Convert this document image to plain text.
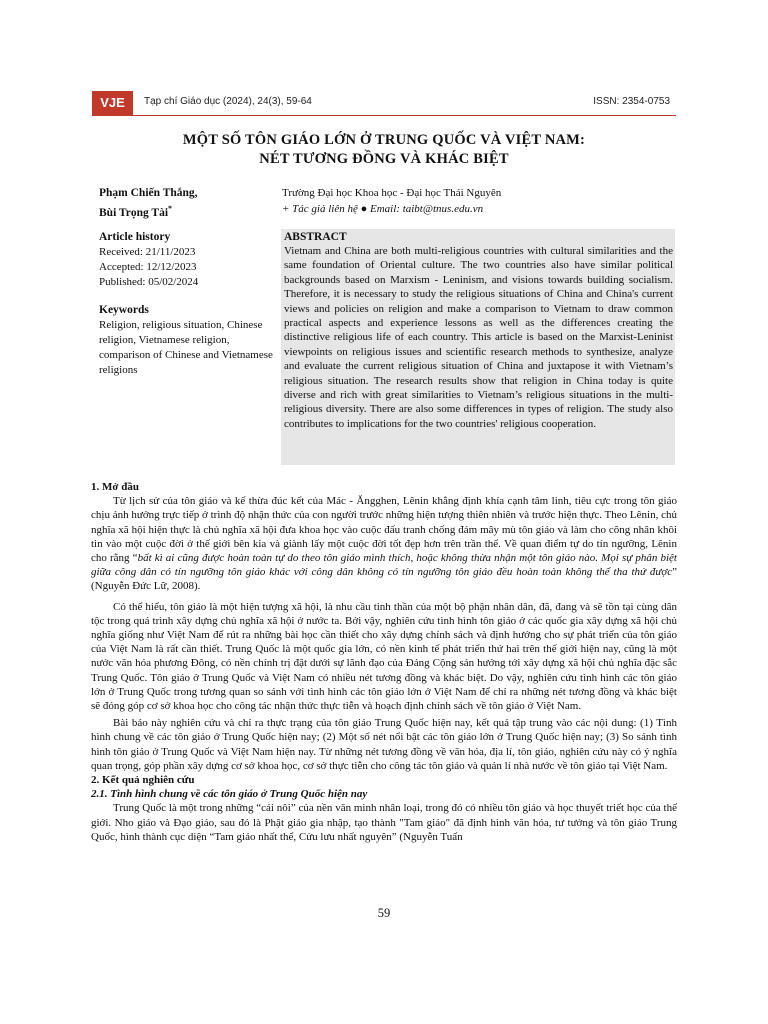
VJE	Tạp chí Giáo dục (2024), 24(3), 59-64	ISSN: 2354-0753
MỘT SỐ TÔN GIÁO LỚN Ở TRUNG QUỐC VÀ VIỆT NAM:
NÉT TƯƠNG ĐỒNG VÀ KHÁC BIỆT
Phạm Chiến Thắng,
Bùi Trọng Tài*
Trường Đại học Khoa học - Đại học Thái Nguyên
+ Tác giả liên hệ ● Email: taibt@tnus.edu.vn
Article history
Received: 21/11/2023
Accepted: 12/12/2023
Published: 05/02/2024
Keywords
Religion, religious situation, Chinese religion, Vietnamese religion, comparison of Chinese and Vietnamese religions
ABSTRACT
Vietnam and China are both multi-religious countries with cultural similarities and the same foundation of Oriental culture. The two countries also have similar political backgrounds based on Marxism - Leninism, and visions towards building socialism. Therefore, it is necessary to study the religious situations of China and China's current views and policies on religion and make a comparison to Vietnam to draw common practical aspects and experience lessons as well as the differences creating the distinctive religious life of each country. This article is based on the Marxist-Leninist viewpoints on religious issues and scientific research methods to synthesize, analyze and evaluate the current religious situation of China and juxtapose it with Vietnam’s religious situation. The research results show that religion in China today is quite diverse and rich with great similarities to Vietnam’s religious situations in the multi-religious diversity. There are also some differences in types of religion. The study also contributes to implications for the two countries' religious cooperation.

1. Mở đầu

Từ lịch sử của tôn giáo và kế thừa đúc kết của Mác - Ăngghen, Lênin khẳng định khía cạnh tâm linh, tiêu cực trong tôn giáo chịu ảnh hưởng trực tiếp ở trình độ nhận thức của con người trước những hiện tượng thiên nhiên và trước hiện thực. Theo Lênin, chủ nghĩa xã hội hiện thực là chủ nghĩa xã hội đưa khoa học vào cuộc đấu tranh chống đám mây mù tôn giáo và làm cho công nhân khôi tin vào một cuộc đời ở thế giới bên kia và giành lấy một cuộc đời tốt đẹp hơn trên trần thế. Về quan điểm tự do tín ngưỡng, Lênin cho rằng “bất kì ai cũng được hoàn toàn tự do theo tôn giáo mình thích, hoặc không thừa nhận một tôn giáo nào. Mọi sự phân biệt giữa công dân có tín ngưỡng tôn giáo khác với công dân không có tín ngưỡng tôn giáo đều hoàn toàn không thể tha thứ được” (Nguyễn Đức Lữ, 2008).

Có thể hiểu, tôn giáo là một hiện tượng xã hội, là nhu cầu tinh thần của một bộ phận nhân dân, đã, đang và sẽ tồn tại cùng dân tộc trong quá trình xây dựng chủ nghĩa xã hội ở nước ta. Bởi vậy, nghiên cứu tình hình tôn giáo ở các quốc gia xây dựng xã hội chủ nghĩa giống như Việt Nam để rút ra những bài học cần thiết cho xây dựng chính sách và định hướng cho sự phát triển của tôn giáo của Việt Nam là rất cần thiết. Trung Quốc là một quốc gia lớn, có nền kinh tế phát triển thứ hai trên thế giới hiện nay, cũng là một nước văn hóa phương Đông, có nền chính trị đặt dưới sự lãnh đạo của Đảng Cộng sản hướng tới xây dựng xã hội chủ nghĩa đặc sắc Trung Quốc. Tôn giáo ở Trung Quốc và Việt Nam có nhiều nét tương đồng và khác biệt. Do vậy, nghiên cứu tình hình các tôn giáo lớn ở Trung Quốc trong tương quan so sánh với tình hình các tôn giáo lớn ở Việt Nam để chỉ ra những nét tương đồng và khác biệt sẽ đóng góp cơ sở khoa học cho công tác nhận thức thực tiễn và hoạch định chính sách về tôn giáo ở Việt Nam.

Bài báo này nghiên cứu và chỉ ra thực trạng của tôn giáo Trung Quốc hiện nay, kết quả tập trung vào các nội dung: (1) Tình hình chung về các tôn giáo ở Trung Quốc hiện nay; (2) Một số nét nổi bật các tôn giáo lớn ở Trung Quốc hiện nay; (3) So sánh tình hình tôn giáo ở Trung Quốc và Việt Nam hiện nay. Từ những nét tương đồng về văn hóa, địa lí, tôn giáo, nghiên cứu này có ý nghĩa quan trọng, góp phần xây dựng cơ sở khoa học, cơ sở thực tiễn cho công tác tôn giáo và quản lí nhà nước về tôn giáo tại Việt Nam.

2. Kết quả nghiên cứu

2.1. Tình hình chung về các tôn giáo ở Trung Quốc hiện nay

Trung Quốc là một trong những “cái nôi” của nền văn minh nhân loại, trong đó có nhiều tôn giáo và học thuyết triết học của thế giới. Nho giáo và Đạo giáo, sau đó là Phật giáo gia nhập, tạo thành "Tam giáo" đã định hình văn hóa, tư tưởng và tôn giáo Trung Quốc, hình thành cục diện “Tam giáo nhất thể, Cửu lưu nhất nguyên” (Nguyễn Tuấn

59
